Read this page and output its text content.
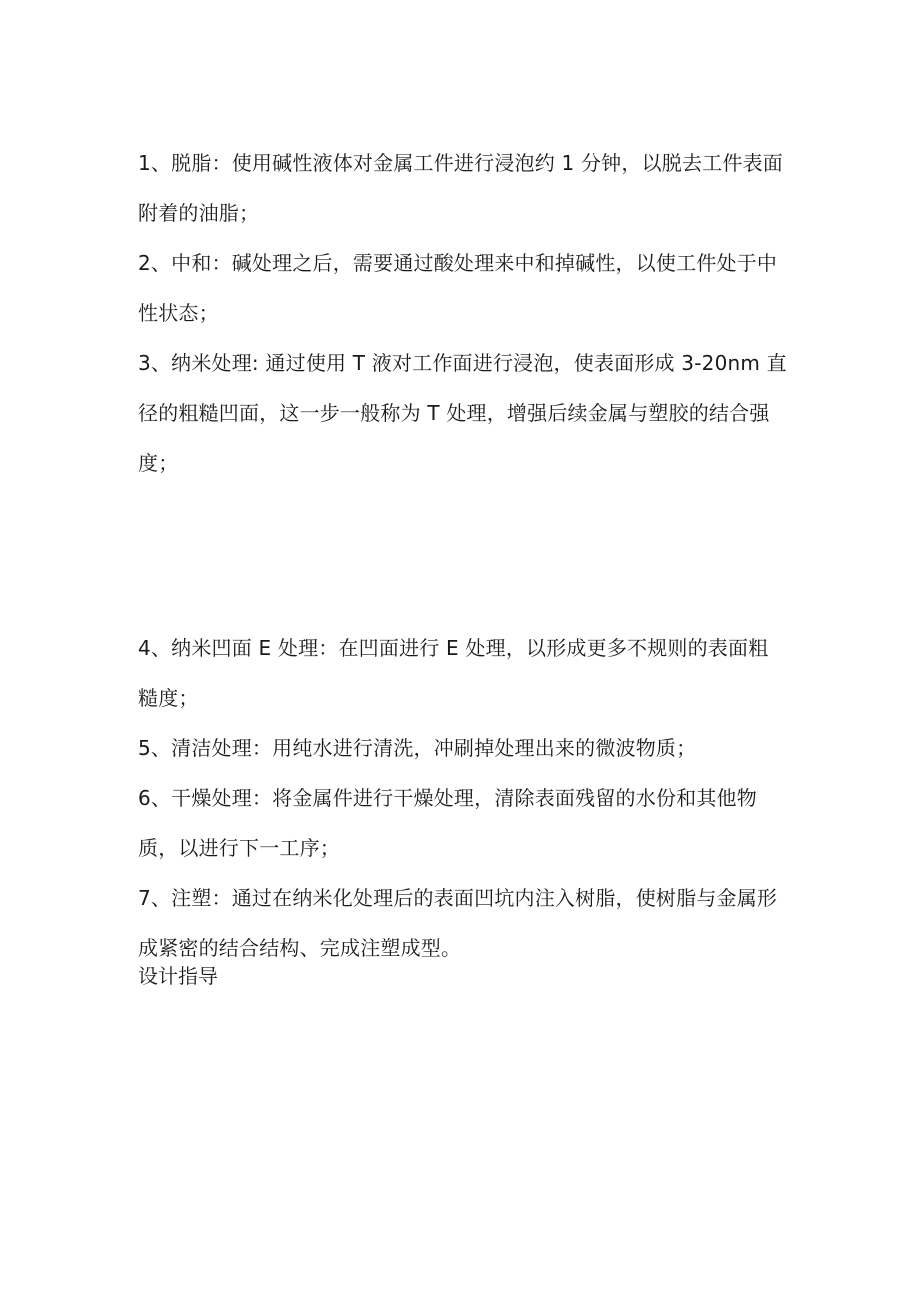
1、脱脂：使用碱性液体对金属工件进行浸泡约 1 分钟，以脱去工件表面附着的油脂；

2、中和：碱处理之后，需要通过酸处理来中和掉碱性，以使工件处于中性状态；

3、纳米处理: 通过使用 T 液对工作面进行浸泡，使表面形成 3-20nm 直径的粗糙凹面，这一步一般称为 T 处理，增强后续金属与塑胶的结合强度；

4、纳米凹面 E 处理：在凹面进行 E 处理，以形成更多不规则的表面粗糙度；

5、清洁处理：用纯水进行清洗，冲刷掉处理出来的微波物质；

6、干燥处理：将金属件进行干燥处理，清除表面残留的水份和其他物质，以进行下一工序；

7、注塑：通过在纳米化处理后的表面凹坑内注入树脂，使树脂与金属形成紧密的结合结构、完成注塑成型。

设计指导
